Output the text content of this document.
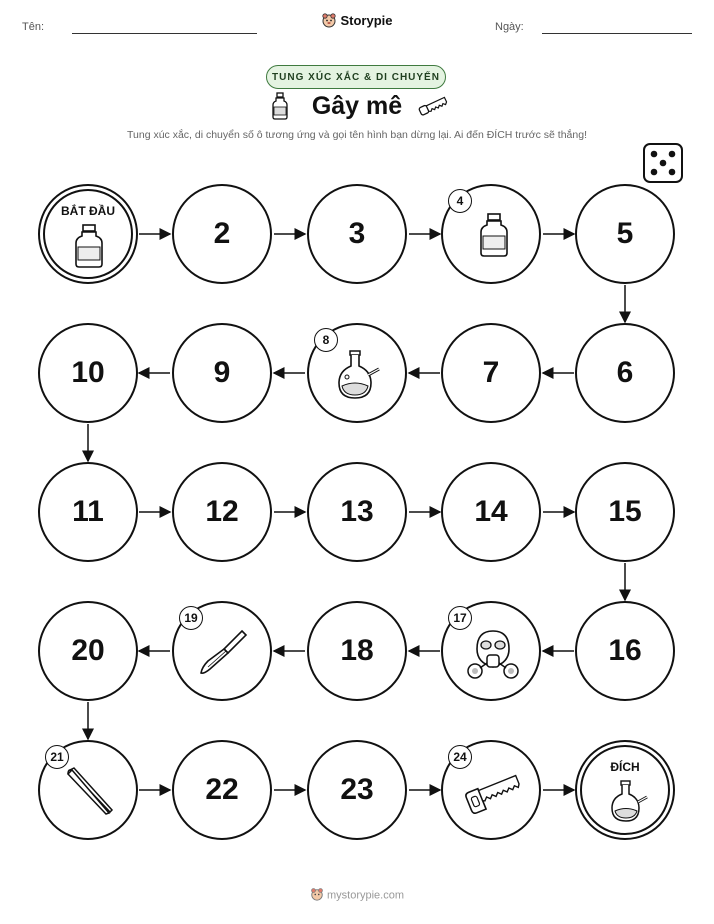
Tên:	Storypie	Ngày:
TUNG XÚC XẮC & DI CHUYỂN
Gây mê
Tung xúc xắc, di chuyển số ô tương ứng và gọi tên hình bạn dừng lại. Ai đến ĐÍCH trước sẽ thắng!
BẮT ĐẦU
2	3
4
5
10	9
8
7	6
11	12	13	14	15
20
19
18
17
16
21
22	23
24
ĐÍCH
mystorypie.com
